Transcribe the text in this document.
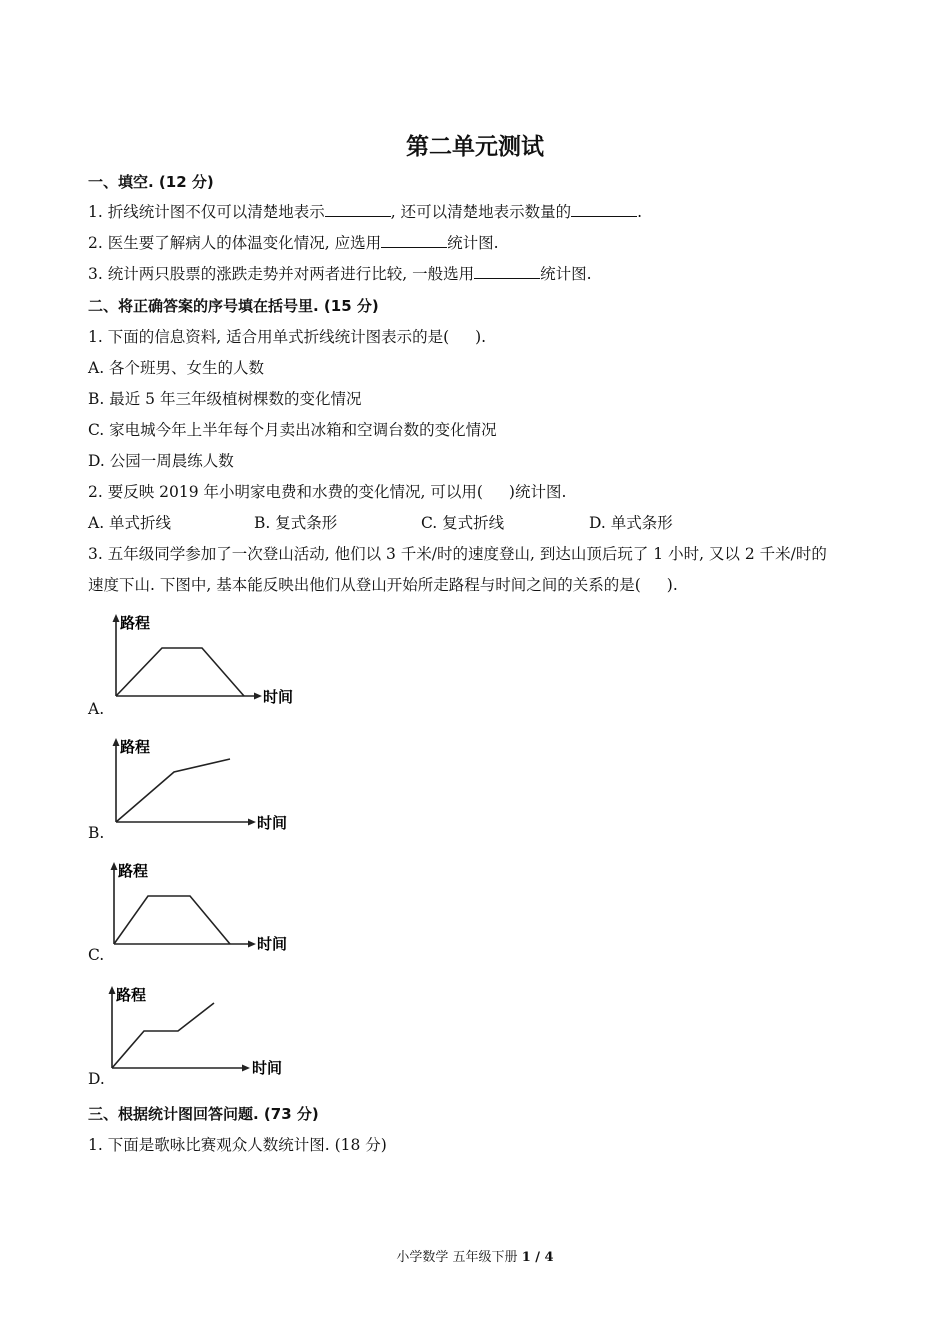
第二单元测试
一、填空. (12 分)
1. 折线统计图不仅可以清楚地表示	, 还可以清楚地表示数量的	.
2. 医生要了解病人的体温变化情况, 应选用	统计图.
3. 统计两只股票的涨跌走势并对两者进行比较, 一般选用	统计图.
二、将正确答案的序号填在括号里. (15 分)
1. 下面的信息资料, 适合用单式折线统计图表示的是( ).
A. 各个班男、女生的人数
B. 最近 5 年三年级植树棵数的变化情况
C. 家电城今年上半年每个月卖出冰箱和空调台数的变化情况
D. 公园一周晨练人数
2. 要反映 2019 年小明家电费和水费的变化情况, 可以用( )统计图.
A. 单式折线	B. 复式条形	C. 复式折线	D. 单式条形
3. 五年级同学参加了一次登山活动, 他们以 3 千米/时的速度登山, 到达山顶后玩了 1 小时, 又以 2 千米/时的
速度下山. 下图中, 基本能反映出他们从登山开始所走路程与时间之间的关系的是( ).
路程
时间
A.
路程
时间
B.
路程
时间
C.
路程
时间
D.
三、根据统计图回答问题. (73 分)
1. 下面是歌咏比赛观众人数统计图. (18 分)
小学数学 五年级下册 1 / 4
